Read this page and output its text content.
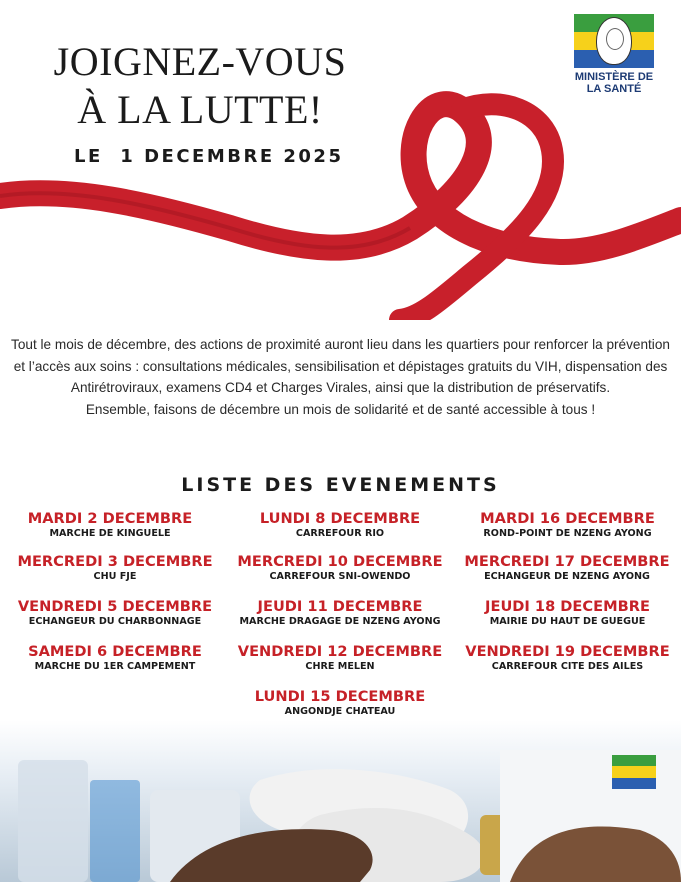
JOIGNEZ-VOUS
À LA LUTTE!
LE  1 DECEMBRE 2025
MINISTÈRE DE
LA SANTÉ

Tout le mois de décembre, des actions de proximité auront lieu dans les quartiers pour renforcer la prévention et l’accès aux soins : consultations médicales, sensibilisation et dépistages gratuits du VIH, dispensation des Antirétroviraux, examens CD4 et Charges Virales, ainsi que la distribution de préservatifs.

Ensemble, faisons de décembre un mois de solidarité et de santé accessible à tous !

LISTE DES EVENEMENTS
MARDI 2 DECEMBRE
MARCHE DE KINGUELE
MERCREDI 3 DECEMBRE
CHU FJE
VENDREDI 5 DECEMBRE
ECHANGEUR DU CHARBONNAGE
SAMEDI 6 DECEMBRE
MARCHE DU 1ER CAMPEMENT
LUNDI 8 DECEMBRE
CARREFOUR RIO
MERCREDI 10 DECEMBRE
CARREFOUR SNI-OWENDO
JEUDI 11 DECEMBRE
MARCHE DRAGAGE DE NZENG AYONG
VENDREDI 12 DECEMBRE
CHRE MELEN
LUNDI 15 DECEMBRE
ANGONDJE CHATEAU
MARDI 16 DECEMBRE
ROND-POINT DE NZENG AYONG
MERCREDI 17 DECEMBRE
ECHANGEUR DE NZENG AYONG
JEUDI 18 DECEMBRE
MAIRIE DU HAUT DE GUEGUE
VENDREDI 19 DECEMBRE
CARREFOUR CITE DES AILES
